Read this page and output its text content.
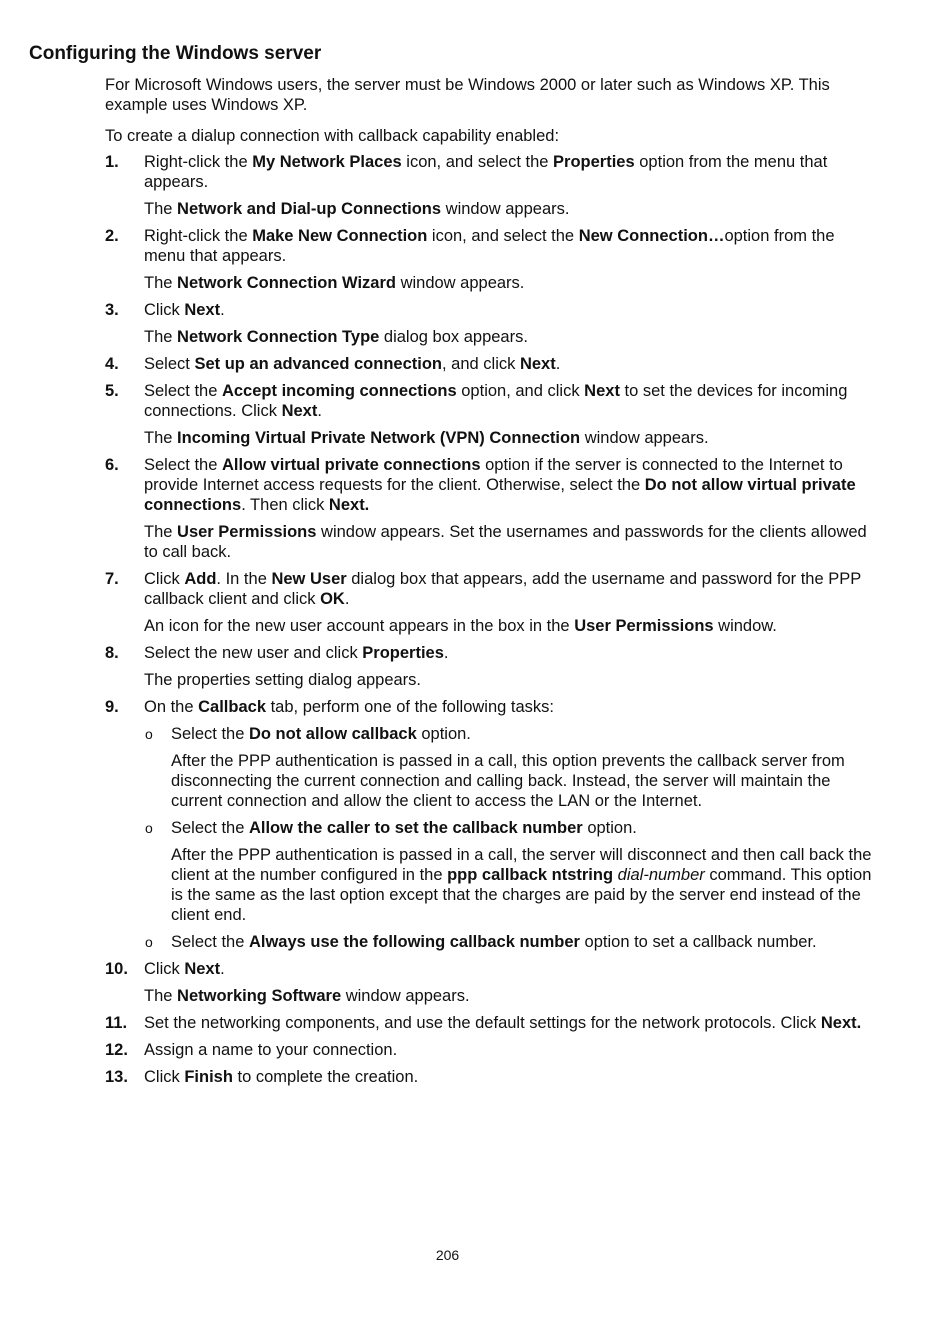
Configuring the Windows server

For Microsoft Windows users, the server must be Windows 2000 or later such as Windows XP. This example uses Windows XP.

To create a dialup connection with callback capability enabled:

1. Right-click the My Network Places icon, and select the Properties option from the menu that appears.

The Network and Dial-up Connections window appears.

2. Right-click the Make New Connection icon, and select the New Connection…option from the menu that appears.

The Network Connection Wizard window appears.

3. Click Next.

The Network Connection Type dialog box appears.

4. Select Set up an advanced connection, and click Next.
5. Select the Accept incoming connections option, and click Next to set the devices for incoming connections. Click Next.

The Incoming Virtual Private Network (VPN) Connection window appears.

6. Select the Allow virtual private connections option if the server is connected to the Internet to provide Internet access requests for the client. Otherwise, select the Do not allow virtual private connections. Then click Next.

The User Permissions window appears. Set the usernames and passwords for the clients allowed to call back.

7. Click Add. In the New User dialog box that appears, add the username and password for the PPP callback client and click OK.

An icon for the new user account appears in the box in the User Permissions window.

8. Select the new user and click Properties.

The properties setting dialog appears.

9. On the Callback tab, perform one of the following tasks:
o Select the Do not allow callback option.

After the PPP authentication is passed in a call, this option prevents the callback server from disconnecting the current connection and calling back. Instead, the server will maintain the current connection and allow the client to access the LAN or the Internet.

o Select the Allow the caller to set the callback number option.

After the PPP authentication is passed in a call, the server will disconnect and then call back the client at the number configured in the ppp callback ntstring dial-number command. This option is the same as the last option except that the charges are paid by the server end instead of the client end.

o Select the Always use the following callback number option to set a callback number.
10. Click Next.

The Networking Software window appears.

11. Set the networking components, and use the default settings for the network protocols. Click Next.
12. Assign a name to your connection.
13. Click Finish to complete the creation.
206
